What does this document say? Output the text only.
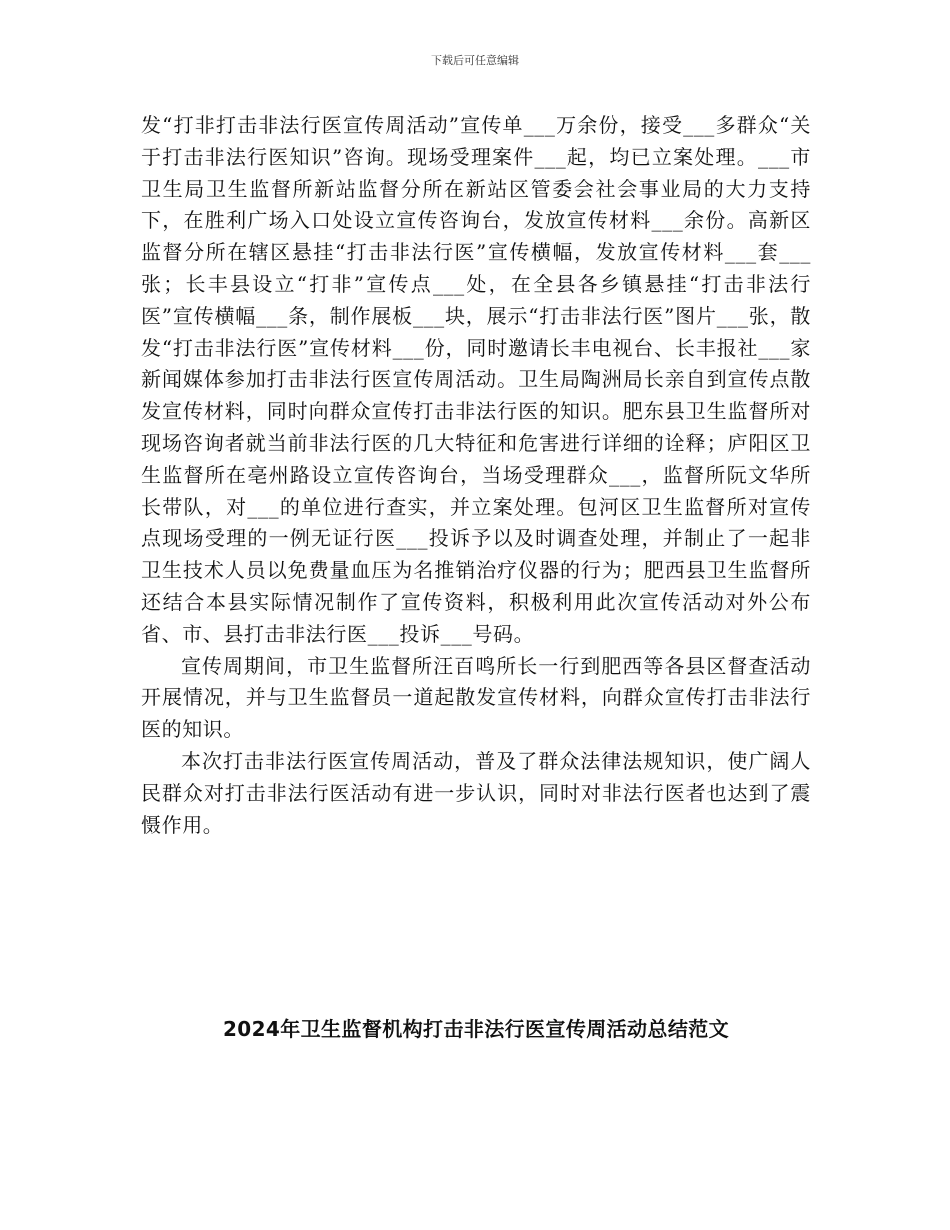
下载后可任意编辑

发“打非打击非法行医宣传周活动”宣传单___万余份，接受___多群众“关于打击非法行医知识”咨询。现场受理案件___起，均已立案处理。___市卫生局卫生监督所新站监督分所在新站区管委会社会事业局的大力支持下，在胜利广场入口处设立宣传咨询台，发放宣传材料___余份。高新区监督分所在辖区悬挂“打击非法行医”宣传横幅，发放宣传材料___套___张；长丰县设立“打非”宣传点___处，在全县各乡镇悬挂“打击非法行医”宣传横幅___条，制作展板___块，展示“打击非法行医”图片___张，散发“打击非法行医”宣传材料___份，同时邀请长丰电视台、长丰报社___家新闻媒体参加打击非法行医宣传周活动。卫生局陶洲局长亲自到宣传点散发宣传材料，同时向群众宣传打击非法行医的知识。肥东县卫生监督所对现场咨询者就当前非法行医的几大特征和危害进行详细的诠释；庐阳区卫生监督所在亳州路设立宣传咨询台，当场受理群众___，监督所阮文华所长带队，对___的单位进行查实，并立案处理。包河区卫生监督所对宣传点现场受理的一例无证行医___投诉予以及时调查处理，并制止了一起非卫生技术人员以免费量血压为名推销治疗仪器的行为；肥西县卫生监督所还结合本县实际情况制作了宣传资料，积极利用此次宣传活动对外公布省、市、县打击非法行医___投诉___号码。

宣传周期间，市卫生监督所汪百鸣所长一行到肥西等各县区督查活动开展情况，并与卫生监督员一道起散发宣传材料，向群众宣传打击非法行医的知识。

本次打击非法行医宣传周活动，普及了群众法律法规知识，使广阔人民群众对打击非法行医活动有进一步认识，同时对非法行医者也达到了震慑作用。

2024年卫生监督机构打击非法行医宣传周活动总结范文
